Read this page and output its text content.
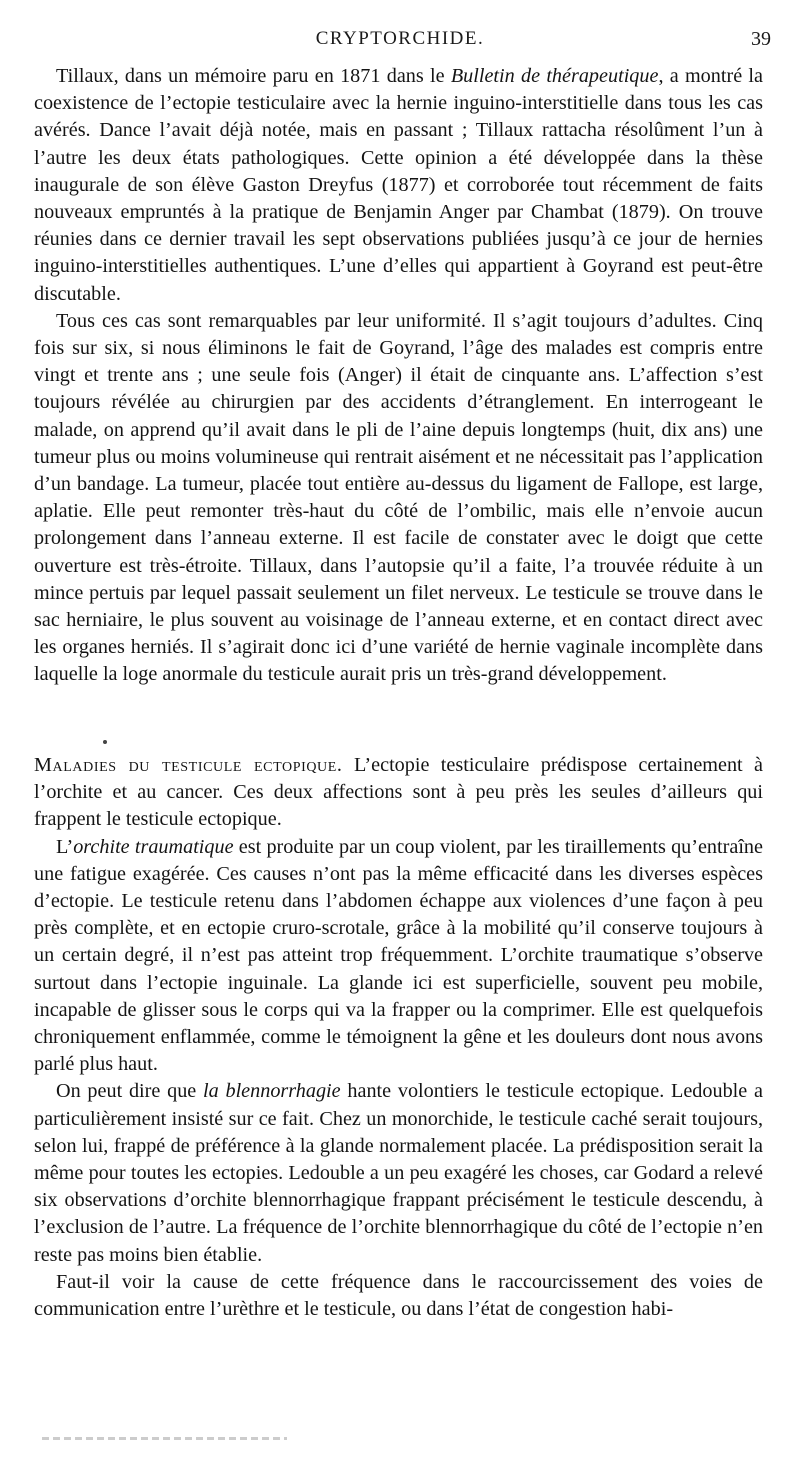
CRYPTORCHIDE.	39

Tillaux, dans un mémoire paru en 1871 dans le Bulletin de thérapeutique, a montré la coexistence de l’ectopie testiculaire avec la hernie inguino-interstitielle dans tous les cas avérés. Dance l’avait déjà notée, mais en passant ; Tillaux rattacha résolûment l’un à l’autre les deux états pathologiques. Cette opinion a été développée dans la thèse inaugurale de son élève Gaston Dreyfus (1877) et corroborée tout récemment de faits nouveaux empruntés à la pratique de Benjamin Anger par Chambat (1879). On trouve réunies dans ce dernier travail les sept observations publiées jusqu’à ce jour de hernies inguino-interstitielles authentiques. L’une d’elles qui appartient à Goyrand est peut-être discutable.

Tous ces cas sont remarquables par leur uniformité. Il s’agit toujours d’adultes. Cinq fois sur six, si nous éliminons le fait de Goyrand, l’âge des malades est compris entre vingt et trente ans ; une seule fois (Anger) il était de cinquante ans. L’affection s’est toujours révélée au chirurgien par des accidents d’étranglement. En interrogeant le malade, on apprend qu’il avait dans le pli de l’aine depuis longtemps (huit, dix ans) une tumeur plus ou moins volumineuse qui rentrait aisément et ne nécessitait pas l’application d’un bandage. La tumeur, placée tout entière au-dessus du ligament de Fallope, est large, aplatie. Elle peut remonter très-haut du côté de l’ombilic, mais elle n’envoie aucun prolongement dans l’anneau externe. Il est facile de constater avec le doigt que cette ouverture est très-étroite. Tillaux, dans l’autopsie qu’il a faite, l’a trouvée réduite à un mince pertuis par lequel passait seulement un filet nerveux. Le testicule se trouve dans le sac herniaire, le plus souvent au voisinage de l’anneau externe, et en contact direct avec les organes herniés. Il s’agirait donc ici d’une variété de hernie vaginale incomplète dans laquelle la loge anormale du testicule aurait pris un très-grand développement.

Maladies du testicule ectopique. L’ectopie testiculaire prédispose certainement à l’orchite et au cancer. Ces deux affections sont à peu près les seules d’ailleurs qui frappent le testicule ectopique.

L’orchite traumatique est produite par un coup violent, par les tiraillements qu’entraîne une fatigue exagérée. Ces causes n’ont pas la même efficacité dans les diverses espèces d’ectopie. Le testicule retenu dans l’abdomen échappe aux violences d’une façon à peu près complète, et en ectopie cruro-scrotale, grâce à la mobilité qu’il conserve toujours à un certain degré, il n’est pas atteint trop fréquemment. L’orchite traumatique s’observe surtout dans l’ectopie inguinale. La glande ici est superficielle, souvent peu mobile, incapable de glisser sous le corps qui va la frapper ou la comprimer. Elle est quelquefois chroniquement enflammée, comme le témoignent la gêne et les douleurs dont nous avons parlé plus haut.

On peut dire que la blennorrhagie hante volontiers le testicule ectopique. Ledouble a particulièrement insisté sur ce fait. Chez un monorchide, le testicule caché serait toujours, selon lui, frappé de préférence à la glande normalement placée. La prédisposition serait la même pour toutes les ectopies. Ledouble a un peu exagéré les choses, car Godard a relevé six observations d’orchite blennorrhagique frappant précisément le testicule descendu, à l’exclusion de l’autre. La fréquence de l’orchite blennorrhagique du côté de l’ectopie n’en reste pas moins bien établie.

Faut-il voir la cause de cette fréquence dans le raccourcissement des voies de communication entre l’urèthre et le testicule, ou dans l’état de congestion habi-
